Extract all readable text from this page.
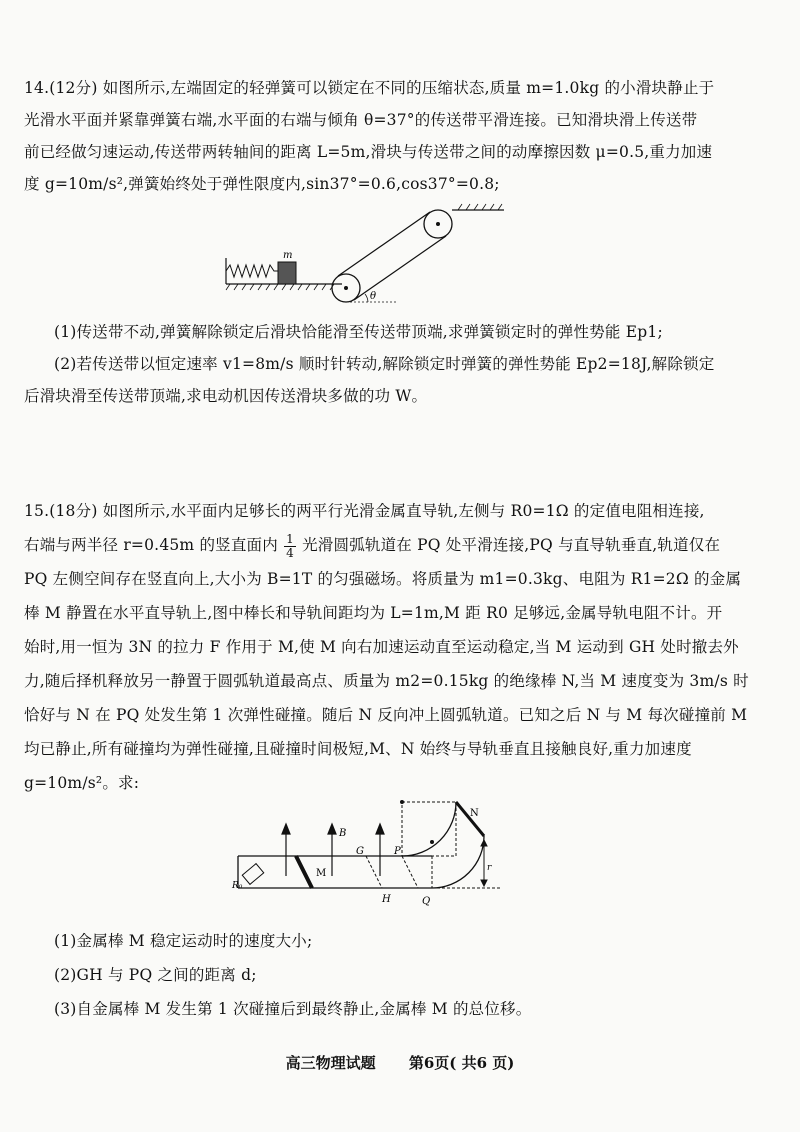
14.(12分) 如图所示,左端固定的轻弹簧可以锁定在不同的压缩状态,质量 m=1.0kg 的小滑块静止于

光滑水平面并紧靠弹簧右端,水平面的右端与倾角 θ=37°的传送带平滑连接。已知滑块滑上传送带

前已经做匀速运动,传送带两转轴间的距离 L=5m,滑块与传送带之间的动摩擦因数 μ=0.5,重力加速

度 g=10m/s²,弹簧始终处于弹性限度内,sin37°=0.6,cos37°=0.8;

m
θ

(1)传送带不动,弹簧解除锁定后滑块恰能滑至传送带顶端,求弹簧锁定时的弹性势能 Ep1;

(2)若传送带以恒定速率 v1=8m/s 顺时针转动,解除锁定时弹簧的弹性势能 Ep2=18J,解除锁定

后滑块滑至传送带顶端,求电动机因传送滑块多做的功 W。

15.(18分) 如图所示,水平面内足够长的两平行光滑金属直导轨,左侧与 R0=1Ω 的定值电阻相连接,

右端与两半径 r=0.45m 的竖直面内 $\frac{1}{4}$ 光滑圆弧轨道在 PQ 处平滑连接,PQ 与直导轨垂直,轨道仅在

PQ 左侧空间存在竖直向上,大小为 B=1T 的匀强磁场。将质量为 m1=0.3kg、电阻为 R1=2Ω 的金属

棒 M 静置在水平直导轨上,图中棒长和导轨间距均为 L=1m,M 距 R0 足够远,金属导轨电阻不计。开

始时,用一恒为 3N 的拉力 F 作用于 M,使 M 向右加速运动直至运动稳定,当 M 运动到 GH 处时撤去外

力,随后择机释放另一静置于圆弧轨道最高点、质量为 m2=0.15kg 的绝缘棒 N,当 M 速度变为 3m/s 时

恰好与 N 在 PQ 处发生第 1 次弹性碰撞。随后 N 反向冲上圆弧轨道。已知之后 N 与 M 每次碰撞前 M

均已静止,所有碰撞均为弹性碰撞,且碰撞时间极短,M、N 始终与导轨垂直且接触良好,重力加速度

g=10m/s²。求:

R₀
B
M
G
H
P
Q
N
r

(1)金属棒 M 稳定运动时的速度大小;

(2)GH 与 PQ 之间的距离 d;

(3)自金属棒 M 发生第 1 次碰撞后到最终静止,金属棒 M 的总位移。

高三物理试题 第6页( 共6 页)
